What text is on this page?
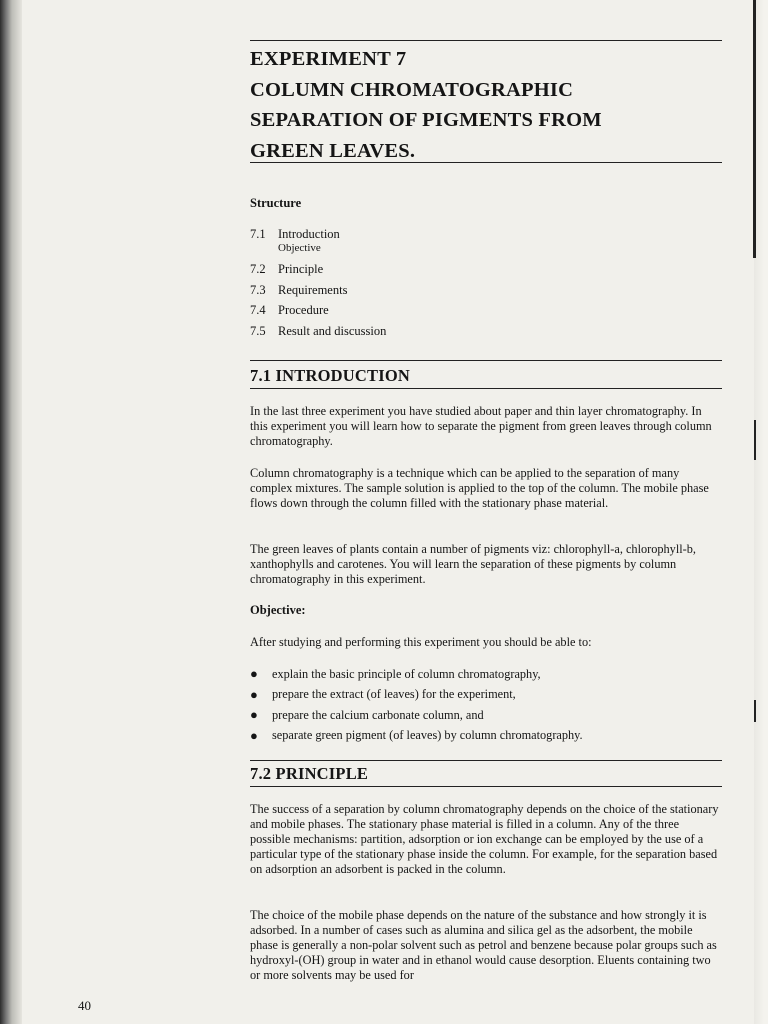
EXPERIMENT 7
COLUMN CHROMATOGRAPHIC
SEPARATION OF PIGMENTS FROM
GREEN LEAVES.
Structure
7.1 Introduction
Objective
7.2 Principle
7.3 Requirements
7.4 Procedure
7.5 Result and discussion
7.1 INTRODUCTION

In the last three experiment you have studied about paper and thin layer chromatography. In this experiment you will learn how to separate the pigment from green leaves through column chromatography.

Column chromatography is a technique which can be applied to the separation of many complex mixtures. The sample solution is applied to the top of the column. The mobile phase flows down through the column filled with the stationary phase material.

The green leaves of plants contain a number of pigments viz: chlorophyll-a, chlorophyll-b, xanthophylls and carotenes. You will learn the separation of these pigments by column chromatography in this experiment.

Objective:

After studying and performing this experiment you should be able to:

●	explain the basic principle of column chromatography,
●	prepare the extract (of leaves) for the experiment,
●	prepare the calcium carbonate column, and
●	separate green pigment (of leaves) by column chromatography.
7.2 PRINCIPLE

The success of a separation by column chromatography depends on the choice of the stationary and mobile phases. The stationary phase material is filled in a column. Any of the three possible mechanisms: partition, adsorption or ion exchange can be employed by the use of a particular type of the stationary phase inside the column. For example, for the separation based on adsorption an adsorbent is packed in the column.

The choice of the mobile phase depends on the nature of the substance and how strongly it is adsorbed. In a number of cases such as alumina and silica gel as the adsorbent, the mobile phase is generally a non-polar solvent such as petrol and benzene because polar groups such as hydroxyl-(OH) group in water and in ethanol would cause desorption. Eluents containing two or more solvents may be used for

40
